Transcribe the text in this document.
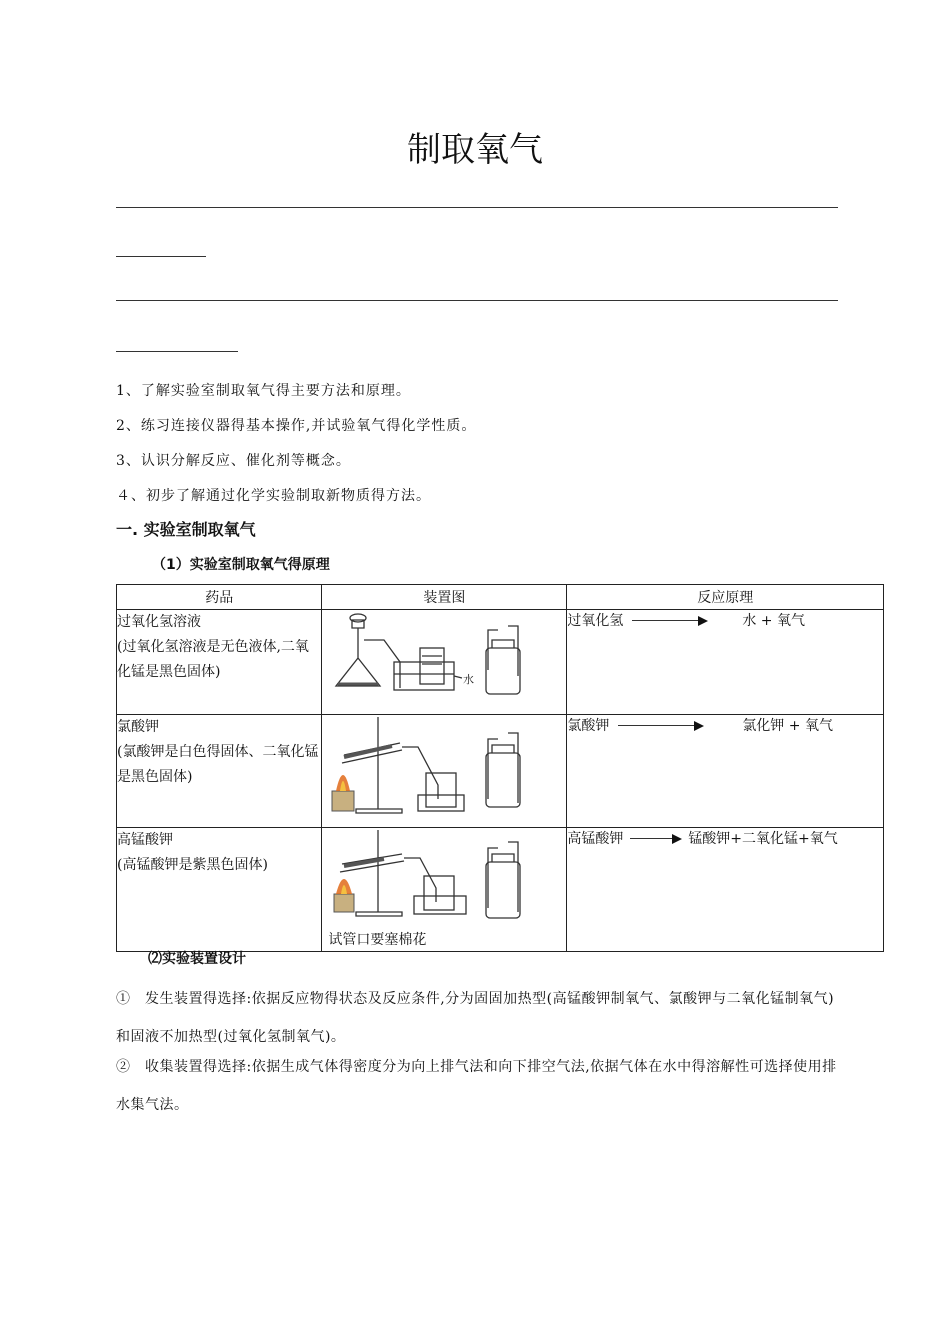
制取氧气
1、了解实验室制取氧气得主要方法和原理。
2、练习连接仪器得基本操作,并试验氧气得化学性质。
3、认识分解反应、催化剂等概念。
４、初步了解通过化学实验制取新物质得方法。
一. 实验室制取氧气
（1）实验室制取氧气得原理
药品	装置图	反应原理

过氧化氢溶液
(过氧化氢溶液是无色液体,二氧化锰是黑色固体)	水	过氧化氢 水 + 氧气

氯酸钾
(氯酸钾是白色得固体、二氧化锰是黑色固体)		氯酸钾 氯化钾 + 氧气

高锰酸钾
(高锰酸钾是紫黑色固体)	试管口要塞棉花	高锰酸钾 锰酸钾+二氧化锰+氧气
⑵实验装置设计
①　发生装置得选择:依据反应物得状态及反应条件,分为固固加热型(高锰酸钾制氧气、氯酸钾与二氧化锰制氧气)和固液不加热型(过氧化氢制氧气)。
②　收集装置得选择:依据生成气体得密度分为向上排气法和向下排空气法,依据气体在水中得溶解性可选择使用排水集气法。
